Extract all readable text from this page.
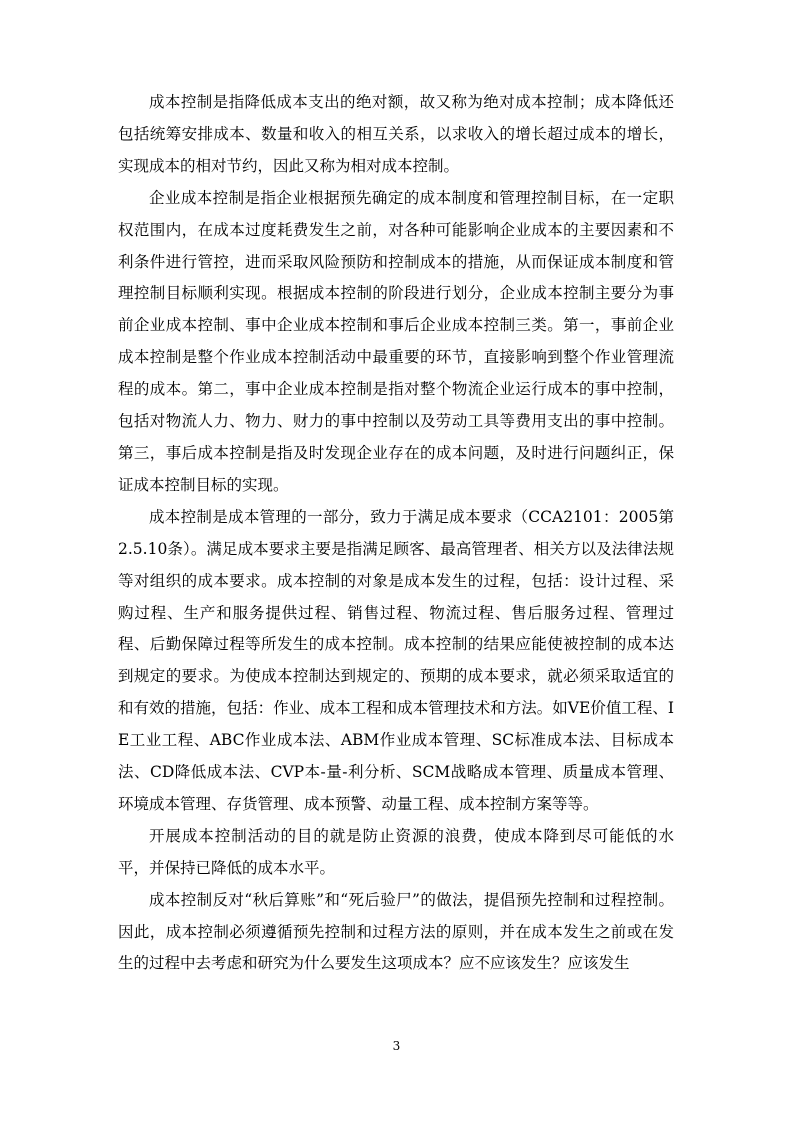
成本控制是指降低成本支出的绝对额，故又称为绝对成本控制；成本降低还包括统筹安排成本、数量和收入的相互关系，以求收入的增长超过成本的增长，实现成本的相对节约，因此又称为相对成本控制。

企业成本控制是指企业根据预先确定的成本制度和管理控制目标，在一定职权范围内，在成本过度耗费发生之前，对各种可能影响企业成本的主要因素和不利条件进行管控，进而采取风险预防和控制成本的措施，从而保证成本制度和管理控制目标顺利实现。根据成本控制的阶段进行划分，企业成本控制主要分为事前企业成本控制、事中企业成本控制和事后企业成本控制三类。第一，事前企业成本控制是整个作业成本控制活动中最重要的环节，直接影响到整个作业管理流程的成本。第二，事中企业成本控制是指对整个物流企业运行成本的事中控制，包括对物流人力、物力、财力的事中控制以及劳动工具等费用支出的事中控制。第三，事后成本控制是指及时发现企业存在的成本问题，及时进行问题纠正，保证成本控制目标的实现。

成本控制是成本管理的一部分，致力于满足成本要求（CCA2101：2005第2.5.10条）。满足成本要求主要是指满足顾客、最高管理者、相关方以及法律法规等对组织的成本要求。成本控制的对象是成本发生的过程，包括：设计过程、采购过程、生产和服务提供过程、销售过程、物流过程、售后服务过程、管理过程、后勤保障过程等所发生的成本控制。成本控制的结果应能使被控制的成本达到规定的要求。为使成本控制达到规定的、预期的成本要求，就必须采取适宜的和有效的措施，包括：作业、成本工程和成本管理技术和方法。如VE价值工程、IE工业工程、ABC作业成本法、ABM作业成本管理、SC标准成本法、目标成本法、CD降低成本法、CVP本-量-利分析、SCM战略成本管理、质量成本管理、环境成本管理、存货管理、成本预警、动量工程、成本控制方案等等。

开展成本控制活动的目的就是防止资源的浪费，使成本降到尽可能低的水平，并保持已降低的成本水平。

成本控制反对“秋后算账”和“死后验尸”的做法，提倡预先控制和过程控制。因此，成本控制必须遵循预先控制和过程方法的原则，并在成本发生之前或在发生的过程中去考虑和研究为什么要发生这项成本？应不应该发生？应该发生

3
